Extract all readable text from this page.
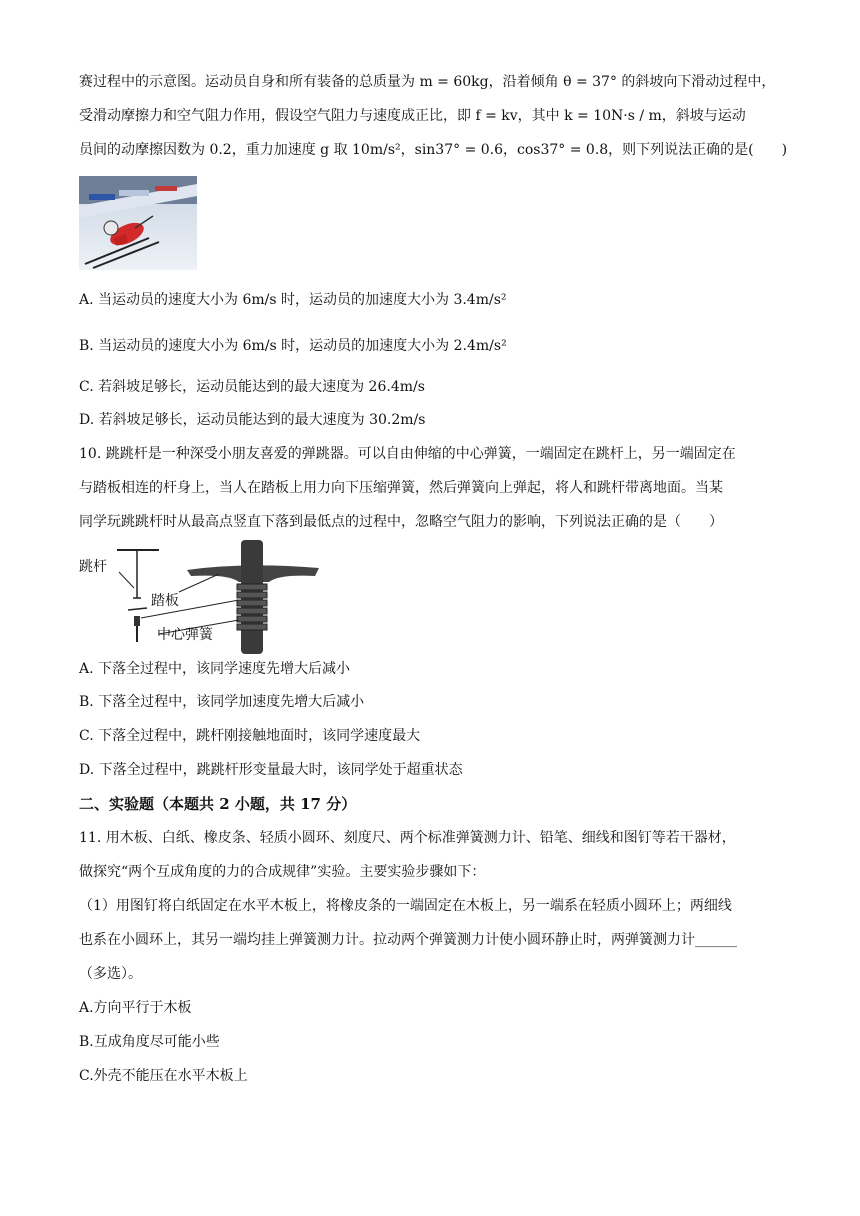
赛过程中的示意图。运动员自身和所有装备的总质量为 m = 60kg，沿着倾角 θ = 37° 的斜坡向下滑动过程中，
受滑动摩擦力和空气阻力作用，假设空气阻力与速度成正比，即 f = kv，其中 k = 10N·s / m，斜坡与运动
员间的动摩擦因数为 0.2，重力加速度 g 取 10m/s²，sin37° = 0.6，cos37° = 0.8，则下列说法正确的是(　　)
A. 当运动员的速度大小为 6m/s 时，运动员的加速度大小为 3.4m/s²
B. 当运动员的速度大小为 6m/s 时，运动员的加速度大小为 2.4m/s²
C. 若斜坡足够长，运动员能达到的最大速度为 26.4m/s
D. 若斜坡足够长，运动员能达到的最大速度为 30.2m/s
10. 跳跳杆是一种深受小朋友喜爱的弹跳器。可以自由伸缩的中心弹簧，一端固定在跳杆上，另一端固定在
与踏板相连的杆身上，当人在踏板上用力向下压缩弹簧，然后弹簧向上弹起，将人和跳杆带离地面。当某
同学玩跳跳杆时从最高点竖直下落到最低点的过程中，忽略空气阻力的影响，下列说法正确的是（　　）
跳杆
踏板
中心弹簧
A. 下落全过程中，该同学速度先增大后减小
B. 下落全过程中，该同学加速度先增大后减小
C. 下落全过程中，跳杆刚接触地面时，该同学速度最大
D. 下落全过程中，跳跳杆形变量最大时，该同学处于超重状态
二、实验题（本题共 2 小题，共 17 分）
11. 用木板、白纸、橡皮条、轻质小圆环、刻度尺、两个标准弹簧测力计、铅笔、细线和图钉等若干器材，
做探究“两个互成角度的力的合成规律”实验。主要实验步骤如下：
（1）用图钉将白纸固定在水平木板上，将橡皮条的一端固定在木板上，另一端系在轻质小圆环上；两细线
也系在小圆环上，其另一端均挂上弹簧测力计。拉动两个弹簧测力计使小圆环静止时，两弹簧测力计______
（多选）。
A.方向平行于木板
B.互成角度尽可能小些
C.外壳不能压在水平木板上
